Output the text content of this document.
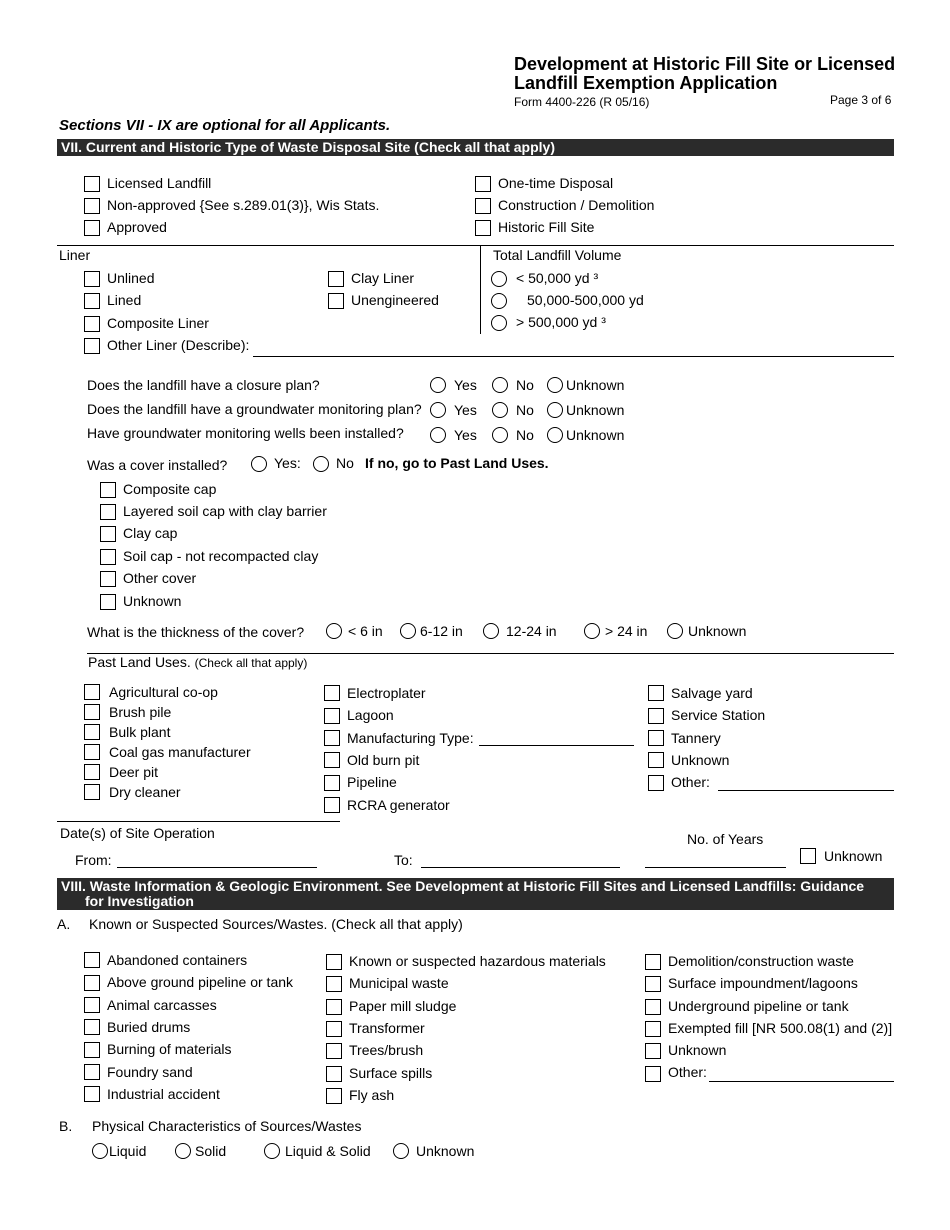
Development at Historic Fill Site or Licensed
Landfill Exemption Application
Form 4400-226 (R 05/16)	Page 3 of 6
Sections VII - IX are optional for all Applicants.
VII. Current and Historic Type of Waste Disposal Site (Check all that apply)
Licensed Landfill
Non-approved {See s.289.01(3)}, Wis Stats.
Approved
One-time Disposal
Construction / Demolition
Historic Fill Site
Liner
Unlined
Lined
Composite Liner
Other Liner (Describe):
Clay Liner
Unengineered
Total Landfill Volume
< 50,000 yd ³
50,000-500,000 yd
> 500,000 yd ³
Does the landfill have a closure plan?	Yes	No Unknown
Does the landfill have a groundwater monitoring plan? Yes	No Unknown
Have groundwater monitoring wells been installed?	Yes	No Unknown
Was a cover installed?	Yes:	No If no, go to Past Land Uses.
Composite cap
Layered soil cap with clay barrier
Clay cap
Soil cap - not recompacted clay
Other cover
Unknown
What is the thickness of the cover?	< 6 in	6-12 in	12-24 in	> 24 in	Unknown
Past Land Uses. (Check all that apply)
Agricultural co-op
Brush pile
Bulk plant
Coal gas manufacturer
Deer pit
Dry cleaner
Electroplater
Lagoon
Manufacturing Type:
Old burn pit
Pipeline
RCRA generator
Salvage yard
Service Station
Tannery
Unknown
Other:
Date(s) of Site Operation	No. of Years
From:	To:	Unknown
VIII. Waste Information & Geologic Environment. See Development at Historic Fill Sites and Licensed Landfills: Guidance
for Investigation
A. Known or Suspected Sources/Wastes. (Check all that apply)
Abandoned containers
Above ground pipeline or tank
Animal carcasses
Buried drums
Burning of materials
Foundry sand
Industrial accident
Known or suspected hazardous materials
Municipal waste
Paper mill sludge
Transformer
Trees/brush
Surface spills
Fly ash
Demolition/construction waste
Surface impoundment/lagoons
Underground pipeline or tank
Exempted fill [NR 500.08(1) and (2)]
Unknown
Other:
B. Physical Characteristics of Sources/Wastes
Liquid	Solid	Liquid & Solid	Unknown
